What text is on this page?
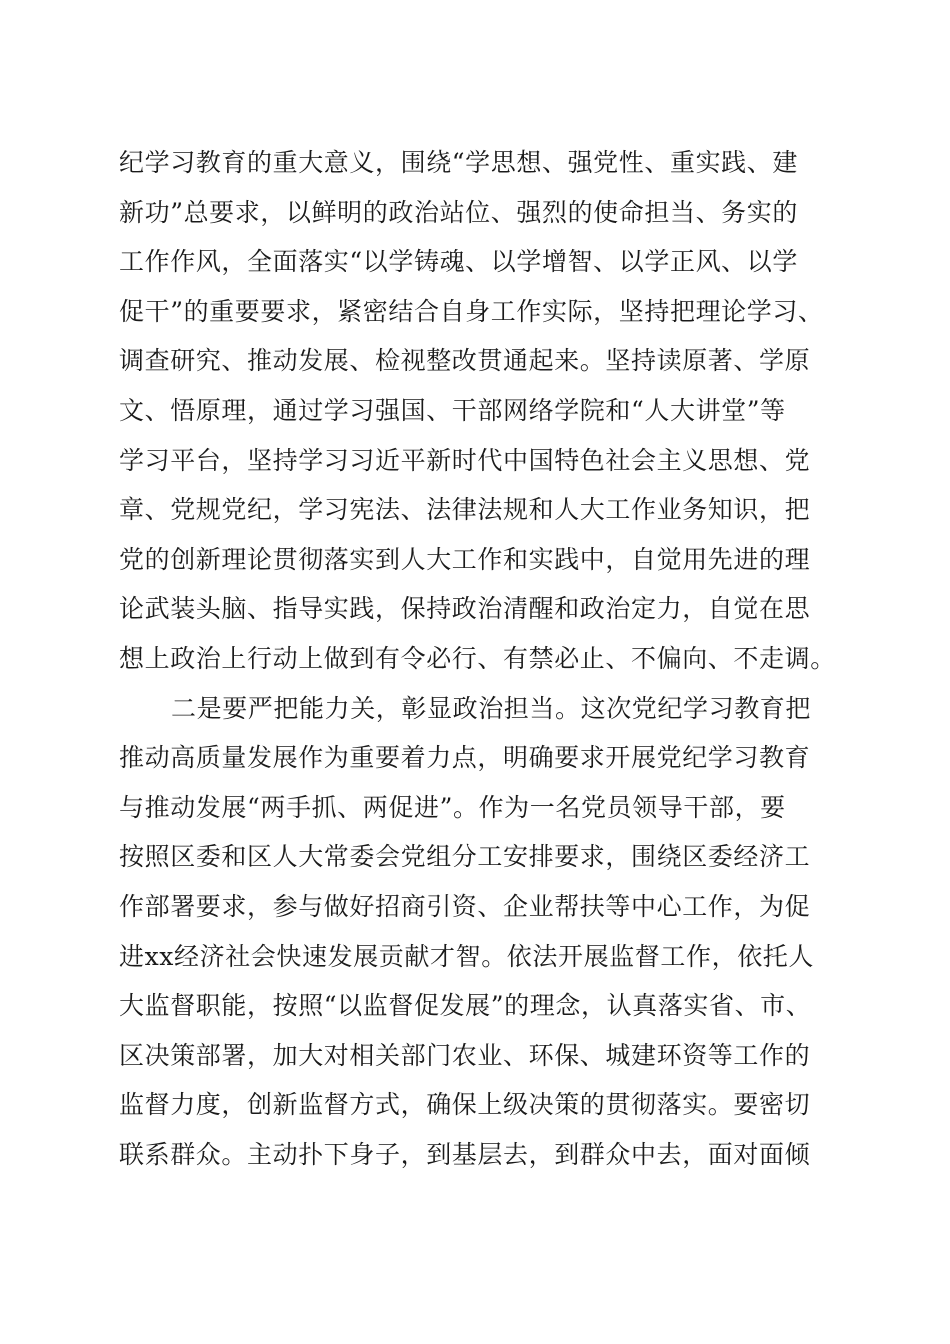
纪学习教育的重大意义，围绕“学思想、强党性、重实践、建
新功”总要求，以鲜明的政治站位、强烈的使命担当、务实的
工作作风，全面落实“以学铸魂、以学增智、以学正风、以学
促干”的重要要求，紧密结合自身工作实际，坚持把理论学习、
调查研究、推动发展、检视整改贯通起来。坚持读原著、学原
文、悟原理，通过学习强国、干部网络学院和“人大讲堂”等
学习平台，坚持学习习近平新时代中国特色社会主义思想、党
章、党规党纪，学习宪法、法律法规和人大工作业务知识，把
党的创新理论贯彻落实到人大工作和实践中，自觉用先进的理
论武装头脑、指导实践，保持政治清醒和政治定力，自觉在思
想上政治上行动上做到有令必行、有禁必止、不偏向、不走调。
二是要严把能力关，彰显政治担当。这次党纪学习教育把
推动高质量发展作为重要着力点，明确要求开展党纪学习教育
与推动发展“两手抓、两促进”。作为一名党员领导干部，要
按照区委和区人大常委会党组分工安排要求，围绕区委经济工
作部署要求，参与做好招商引资、企业帮扶等中心工作，为促
进xx经济社会快速发展贡献才智。依法开展监督工作，依托人
大监督职能，按照“以监督促发展”的理念，认真落实省、市、
区决策部署，加大对相关部门农业、环保、城建环资等工作的
监督力度，创新监督方式，确保上级决策的贯彻落实。要密切
联系群众。主动扑下身子，到基层去，到群众中去，面对面倾
